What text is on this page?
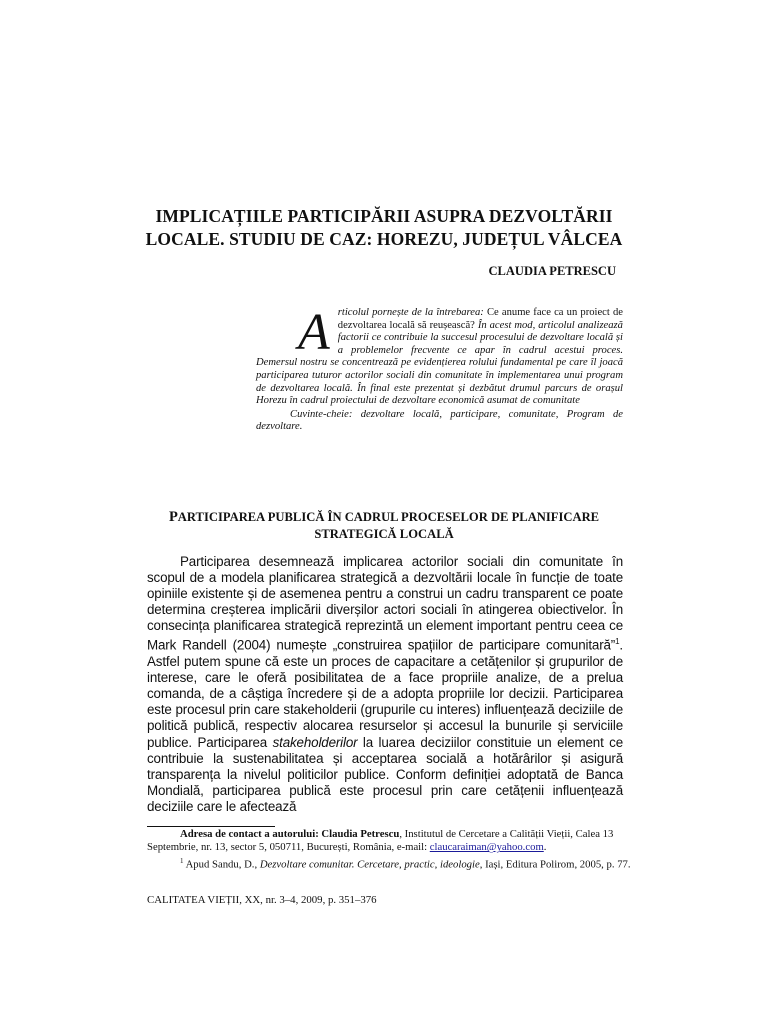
IMPLICAȚIILE PARTICIPĂRII ASUPRA DEZVOLTĂRII
LOCALE. STUDIU DE CAZ: HOREZU, JUDEȚUL VÂLCEA
CLAUDIA PETRESCU
Articolul pornește de la întrebarea: Ce anume face ca un proiect de dezvoltarea locală să reușească? În acest mod, articolul analizează factorii ce contribuie la succesul procesului de dezvoltare locală și a problemelor frecvente ce apar în cadrul acestui proces. Demersul nostru se concentrează pe evidențierea rolului fundamental pe care îl joacă participarea tuturor actorilor sociali din comunitate în implementarea unui program de dezvoltarea locală. În final este prezentat și dezbătut drumul parcurs de orașul Horezu în cadrul proiectului de dezvoltare economică asumat de comunitate
Cuvinte-cheie: dezvoltare locală, participare, comunitate, Program de dezvoltare.
PARTICIPAREA PUBLICĂ ÎN CADRUL PROCESELOR DE PLANIFICARE
STRATEGICĂ LOCALĂ
Participarea desemnează implicarea actorilor sociali din comunitate în scopul de a modela planificarea strategică a dezvoltării locale în funcție de toate opiniile existente și de asemenea pentru a construi un cadru transparent ce poate determina creșterea implicării diverșilor actori sociali în atingerea obiectivelor. În consecința planificarea strategică reprezintă un element important pentru ceea ce Mark Randell (2004) numește „construirea spațiilor de participare comunitară”$^1$. Astfel putem spune că este un proces de capacitare a cetățenilor și grupurilor de interese, care le oferă posibilitatea de a face propriile analize, de a prelua comanda, de a câștiga încredere și de a adopta propriile lor decizii. Participarea este procesul prin care stakeholderii (grupurile cu interes) influențează deciziile de politică publică, respectiv alocarea resurselor și accesul la bunurile și serviciile publice. Participarea stakeholderilor la luarea deciziilor constituie un element ce contribuie la sustenabilitatea și acceptarea socială a hotărârilor și asigură transparența la nivelul politicilor publice. Conform definiției adoptată de Banca Mondială, participarea publică este procesul prin care cetățenii influențează deciziile care le afectează
Adresa de contact a autorului: Claudia Petrescu, Institutul de Cercetare a Calității Vieții, Calea 13 Septembrie, nr. 13, sector 5, 050711, București, România, e-mail: claucaraiman@yahoo.com.
$^1$ Apud Sandu, D., Dezvoltare comunitar. Cercetare, practic, ideologie, Iași, Editura Polirom, 2005, p. 77.
CALITATEA VIEȚII, XX, nr. 3–4, 2009, p. 351–376
